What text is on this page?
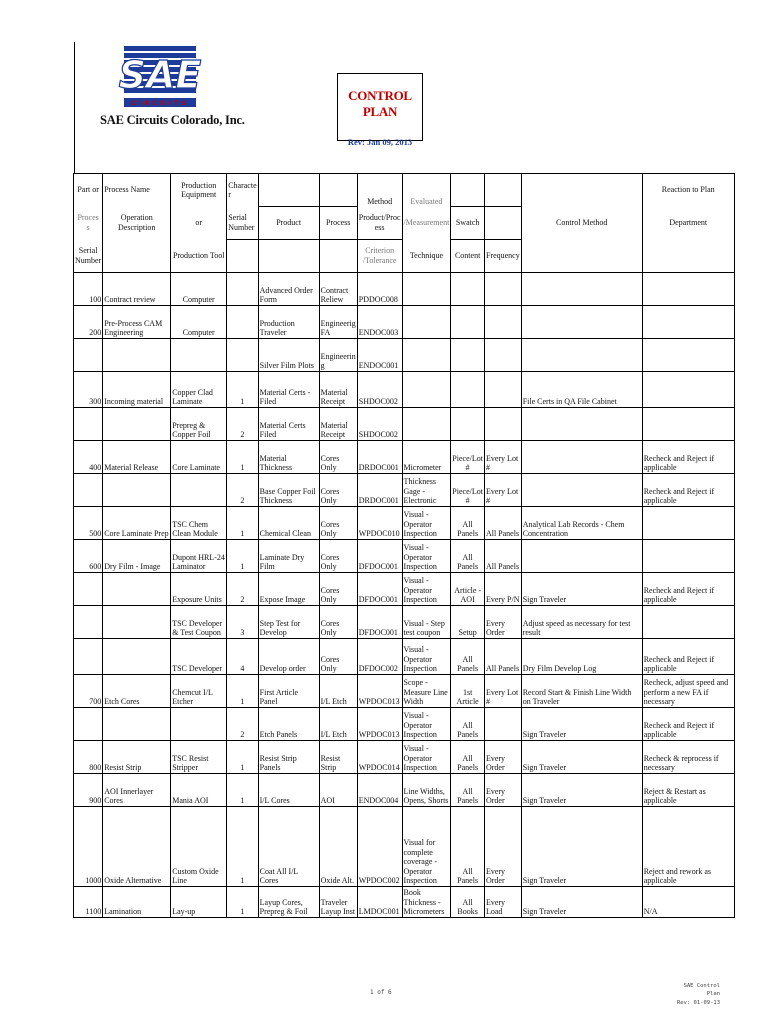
SAE
CIRCUITS
SAE Circuits Colorado, Inc.
CONTROL PLAN
Rev: Jan 09, 2013
Part or	Process Name	Production Equipment	Characte r			Method	Evaluated				Reaction to Plan
Proces s	Operation Description	or	Serial Number	Product	Process	Product/Proc ess	/Measurement	Swatch		Control Method	Department
Serial Number		Production Tool				Criterion /Tolerance	Technique	Content	Frequency		
100	Contract review	Computer		Advanced Order Form	Contract Reliew	PDDOC008					
200	Pre-Process CAM Engineering	Computer		Production Traveler	Engineerig FA	ENDOC003					
				Silver Film Plots	Engineerin g	ENDOC001					
300	Incoming material	Copper Clad Laminate	1	Material Certs - Filed	Material Receipt	SHDOC002				File Certs in QA File Cabinet	
		Prepreg & Copper Foil	2	Material Certs Filed	Material Receipt	SHDOC002					
400	Material Release	Core Laminate	1	Material Thickness	Cores Only	DRDOC001	Micrometer	Piece/Lot #	Every Lot #		Recheck and Reject if applicable
			2	Base Copper Foil Thickness	Cores Only	DRDOC001	Thickness Gage - Electronic	Piece/Lot #	Every Lot #		Recheck and Reject if applicable
500	Core Laminate Prep	TSC Chem Clean Module	1	Chemical Clean	Cores Only	WPDOC010	Visual - Operator Inspection	All Panels	All Panels	Analytical Lab Records - Chem Concentration	
600	Dry Film - Image	Dupont HRL-24 Laminator	1	Laminate Dry Film	Cores Only	DFDOC001	Visual - Operator Inspection	All Panels	All Panels		
		Exposure Units	2	Expose Image	Cores Only	DFDOC001	Visual - Operator Inspection	Article - AOI	Every P/N	Sign Traveler	Recheck and Reject if applicable
		TSC Developer & Test Coupon	3	Step Test for Develop	Cores Only	DFDOC001	Visual - Step test coupon	Setup	Every Order	Adjust speed as necessary for test result	
		TSC Developer	4	Develop order	Cores Only	DFDOC002	Visual - Operator Inspection	All Panels	All Panels	Dry Film Develop Log	Recheck and Reject if applicable
700	Etch Cores	Chemcut I/L Etcher	1	First Article Panel	I/L Etch	WPDOC013	Scope - Measure Line Width	1st Article	Every Lot #	Record Start & Finish Line Width on Traveler	Recheck, adjust speed and perform a new FA if necessary
			2	Etch Panels	I/L Etch	WPDOC013	Visual - Operator Inspection	All Panels		Sign Traveler	Recheck and Reject if applicable
800	Resist Strip	TSC Resist Stripper	1	Resist Strip Panels	Resist Strip	WPDOC014	Visual - Operator Inspection	All Panels	Every Order	Sign Traveler	Recheck & reprocess if necessary
900	AOI Innerlayer Cores	Mania AOI	1	I/L Cores	AOI	ENDOC004	Line Widths, Opens, Shorts	All Panels	Every Order	Sign Traveler	Reject & Restart as applicable
1000	Oxide Alternative	Custom Oxide Line	1	Coat All I/L Cores	Oxide Alt.	WPDOC002	Visual for complete coverage - Operator Inspection	All Panels	Every Order	Sign Traveler	Reject and rework as applicable
1100	Lamination	Lay-up	1	Layup Cores, Prepreg & Foil	Traveler Layup Inst	LMDOC001	Book Thickness - Micrometers	All Books	Every Load	Sign Traveler	N/A
1 of 6
SAE Control Plan
Rev: 01-09-13
